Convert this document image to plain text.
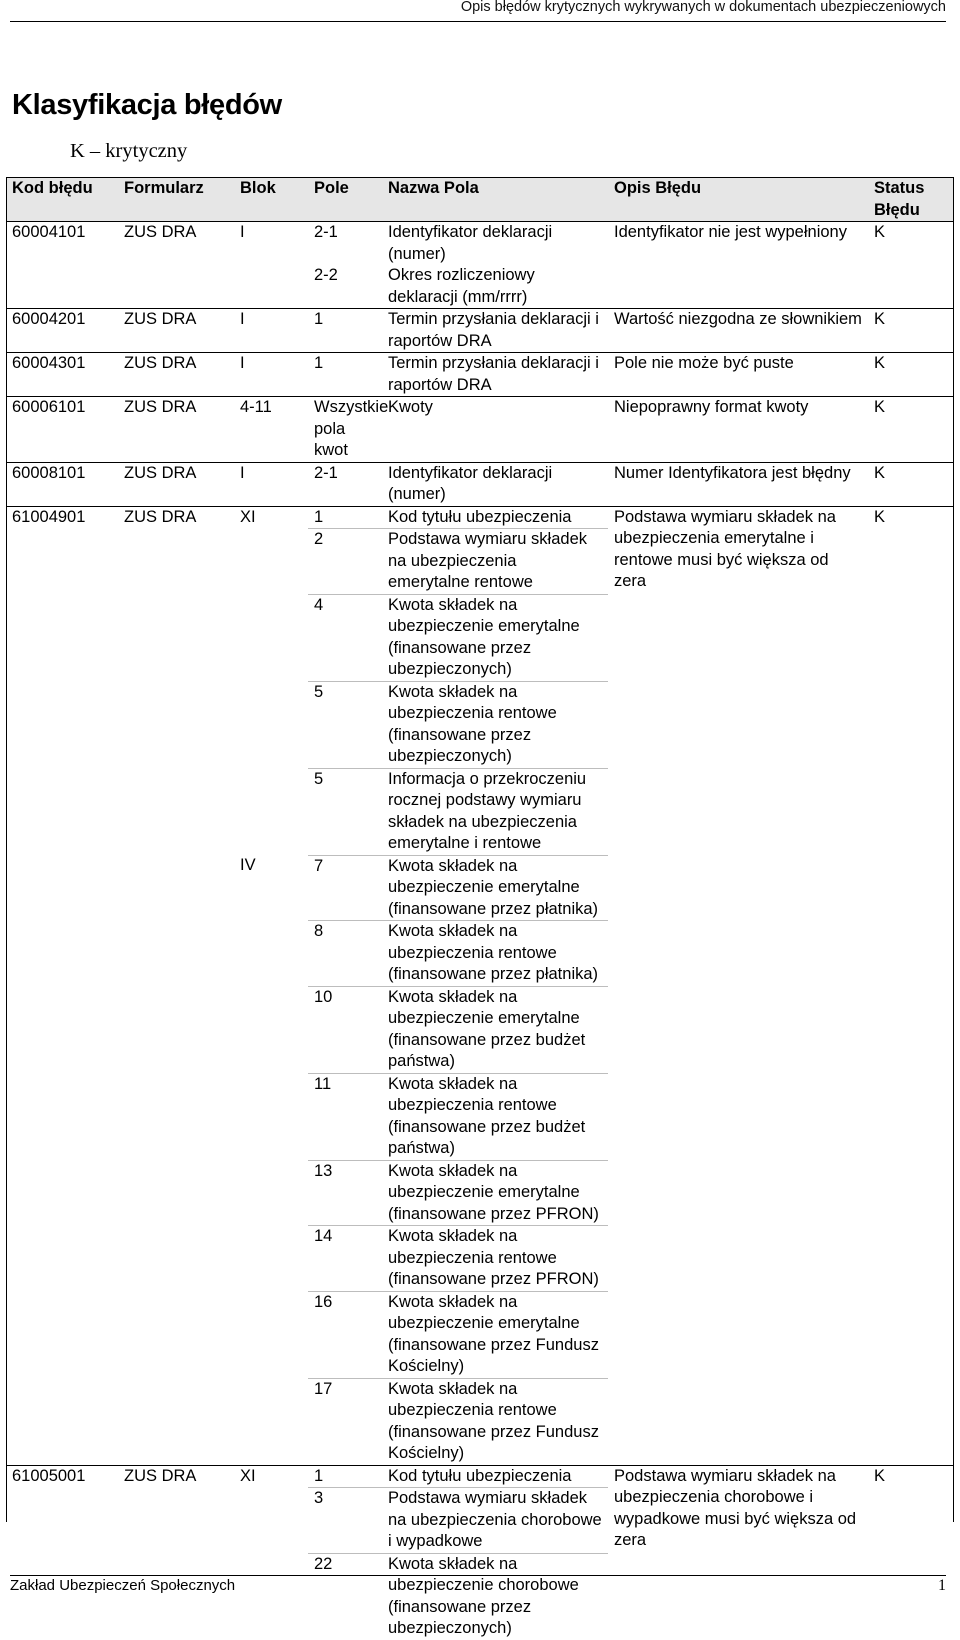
Opis błędów krytycznych wykrywanych w dokumentach ubezpieczeniowych
Klasyfikacja błędów

K – krytyczny

Kod błędu	Formularz	Blok	Pole	Nazwa Pola	Opis Błędu	Status Błędu
60004101	ZUS DRA	I	2-1	Identyfikator deklaracji (numer)	Identyfikator nie jest wypełniony	K
			2-2	Okres rozliczeniowy deklaracji (mm/rrrr)		
60004201	ZUS DRA	I	1	Termin przysłania deklaracji i raportów DRA	Wartość niezgodna ze słownikiem	K
60004301	ZUS DRA	I	1	Termin przysłania deklaracji i raportów DRA	Pole nie może być puste	K
60006101	ZUS DRA	4-11	Wszystkie pola kwot	Kwoty	Niepoprawny format kwoty	K
60008101	ZUS DRA	I	2-1	Identyfikator deklaracji (numer)	Numer Identyfikatora jest błędny	K
61004901	ZUS DRA	XI	1	Kod tytułu ubezpieczenia	Podstawa wymiaru składek na ubezpieczenia emerytalne i rentowe musi być większa od zera	K
			2	Podstawa wymiaru składek na ubezpieczenia emerytalne rentowe		
			4	Kwota składek na ubezpieczenie emerytalne (finansowane przez ubezpieczonych)		
			5	Kwota składek na ubezpieczenia rentowe (finansowane przez ubezpieczonych)		
			5	Informacja o przekroczeniu rocznej podstawy wymiaru składek na ubezpieczenia emerytalne i rentowe		
		IV	7	Kwota składek na ubezpieczenie emerytalne (finansowane przez płatnika)		
			8	Kwota składek na ubezpieczenia rentowe (finansowane przez płatnika)		
			10	Kwota składek na ubezpieczenie emerytalne (finansowane przez budżet państwa)		
			11	Kwota składek na ubezpieczenia rentowe (finansowane przez budżet państwa)		
			13	Kwota składek na ubezpieczenie emerytalne (finansowane przez PFRON)		
			14	Kwota składek na ubezpieczenia rentowe (finansowane przez PFRON)		
			16	Kwota składek na ubezpieczenie emerytalne (finansowane przez Fundusz Kościelny)		
			17	Kwota składek na ubezpieczenia rentowe (finansowane przez Fundusz Kościelny)		
61005001	ZUS DRA	XI	1	Kod tytułu ubezpieczenia	Podstawa wymiaru składek na ubezpieczenia chorobowe i wypadkowe musi być większa od zera	K
			3	Podstawa wymiaru składek na ubezpieczenia chorobowe i wypadkowe		
			22	Kwota składek na ubezpieczenie chorobowe (finansowane przez ubezpieczonych)		
Zakład Ubezpieczeń Społecznych	1
